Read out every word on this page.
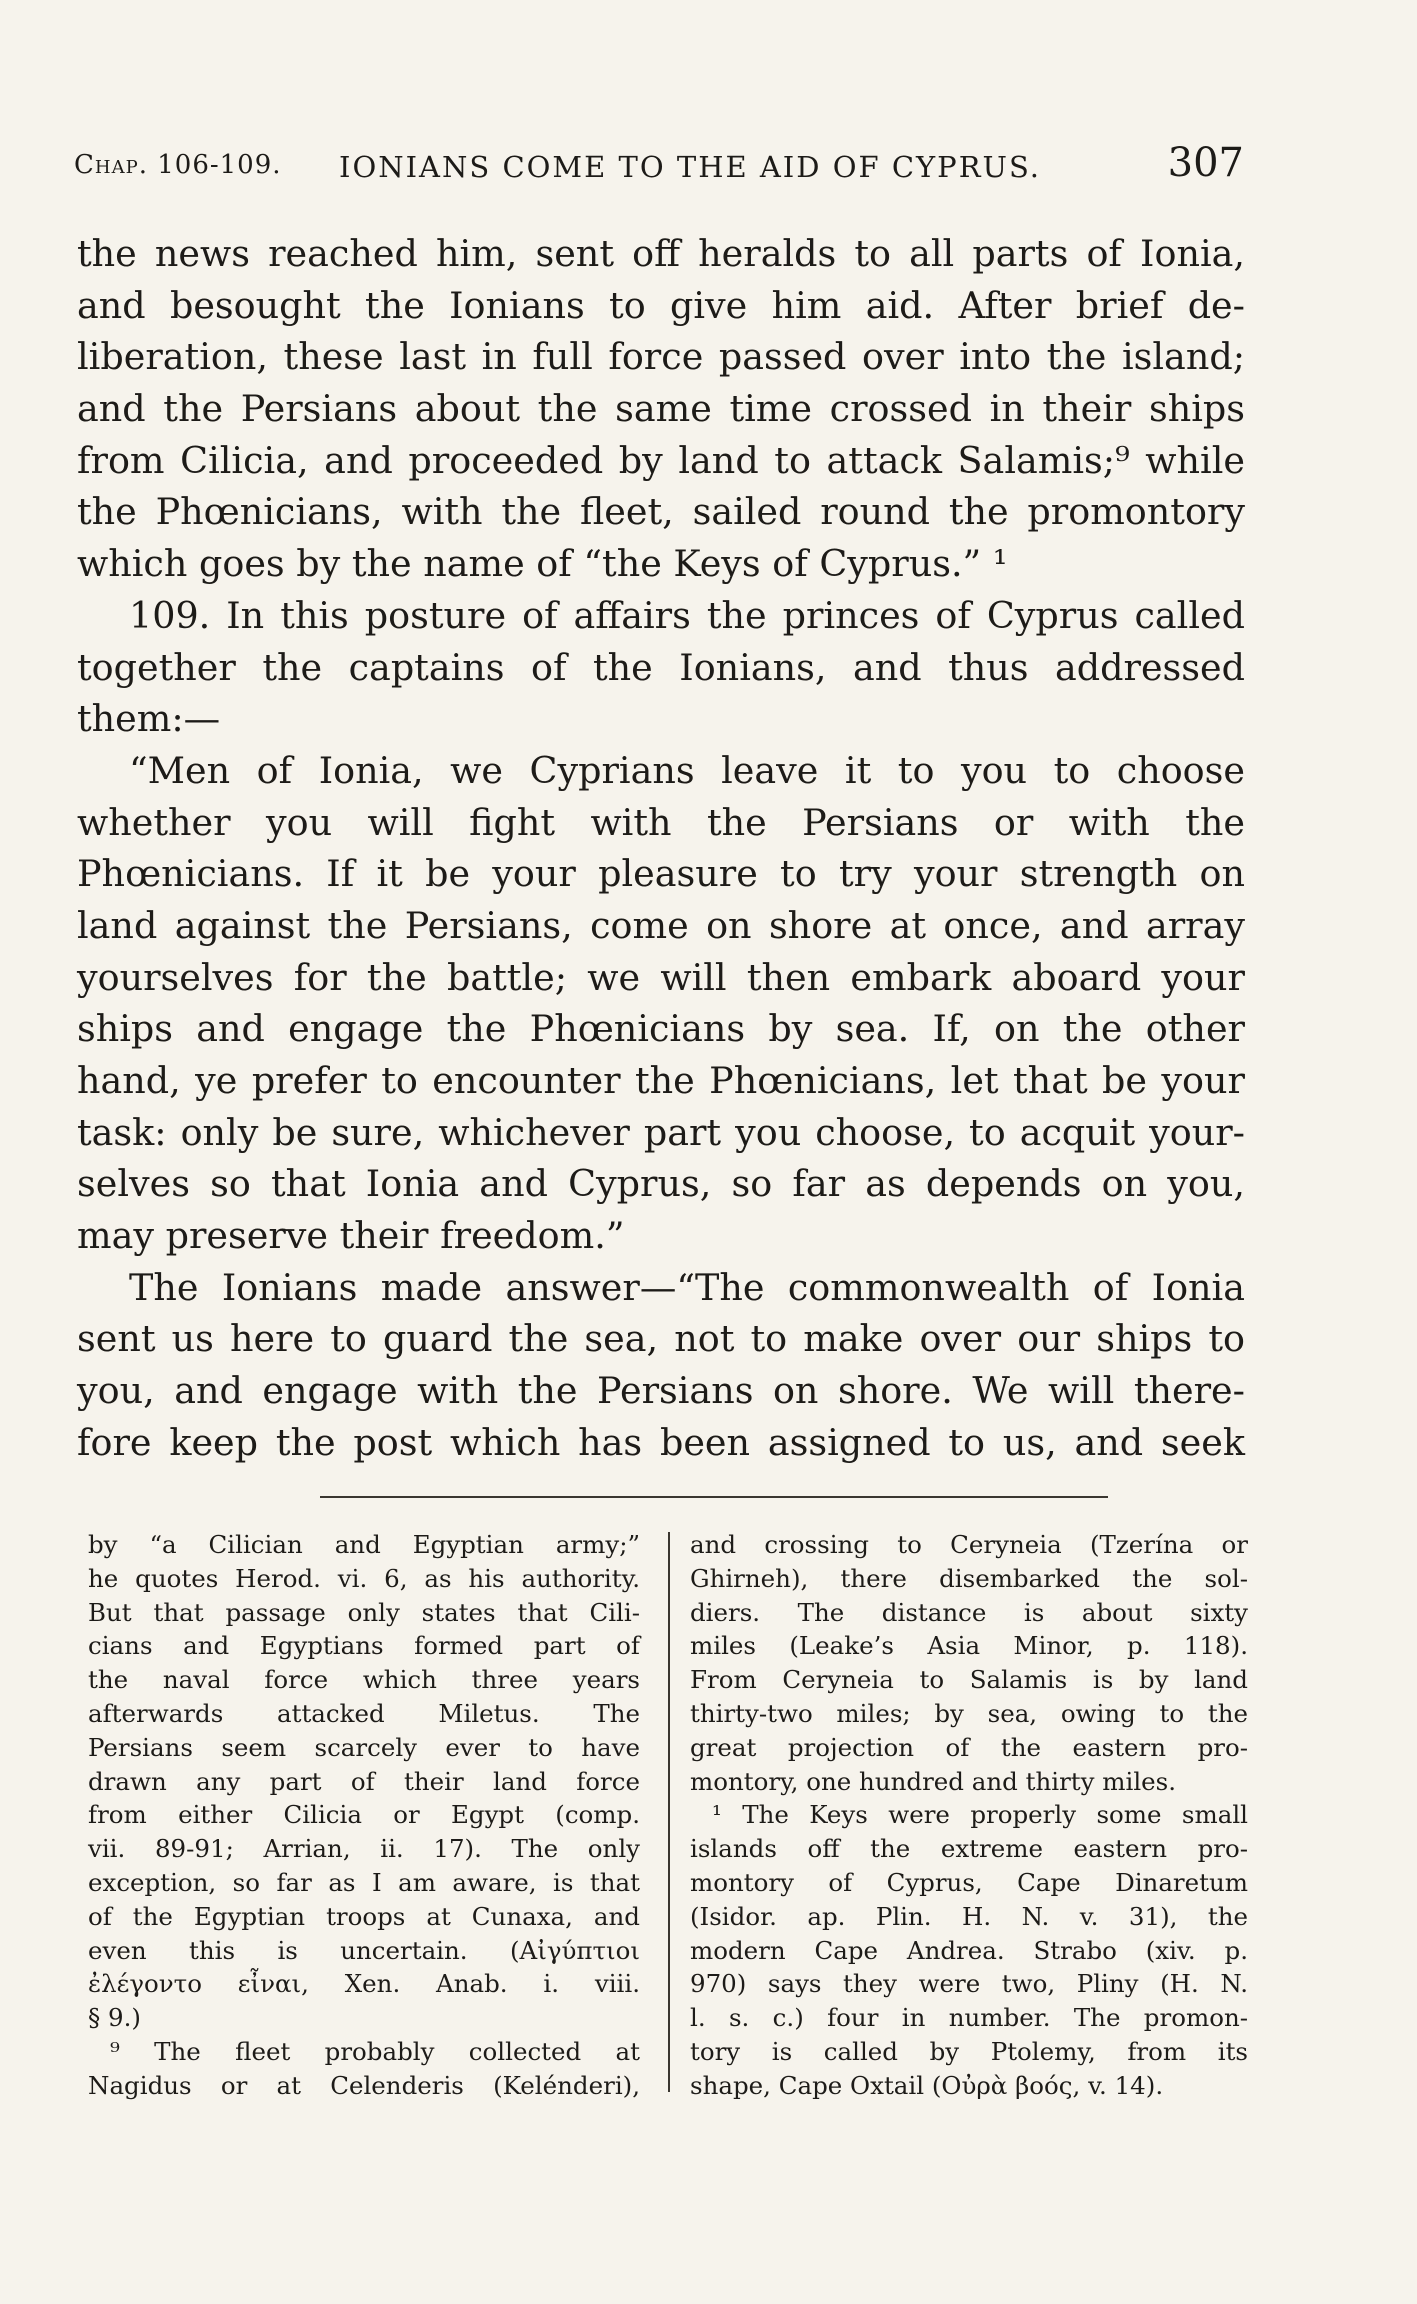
Chap. 106-109. IONIANS COME TO THE AID OF CYPRUS.	307
the news reached him, sent off heralds to all parts of Ionia,
and besought the Ionians to give him aid. After brief de-
liberation, these last in full force passed over into the island;
and the Persians about the same time crossed in their ships
from Cilicia, and proceeded by land to attack Salamis;⁹ while
the Phœnicians, with the fleet, sailed round the promontory
which goes by the name of “the Keys of Cyprus.” ¹
109. In this posture of affairs the princes of Cyprus called
together the captains of the Ionians, and thus addressed
them:—
“Men of Ionia, we Cyprians leave it to you to choose
whether you will fight with the Persians or with the
Phœnicians. If it be your pleasure to try your strength on
land against the Persians, come on shore at once, and array
yourselves for the battle; we will then embark aboard your
ships and engage the Phœnicians by sea. If, on the other
hand, ye prefer to encounter the Phœnicians, let that be your
task: only be sure, whichever part you choose, to acquit your-
selves so that Ionia and Cyprus, so far as depends on you,
may preserve their freedom.”
The Ionians made answer—“The commonwealth of Ionia
sent us here to guard the sea, not to make over our ships to
you, and engage with the Persians on shore. We will there-
fore keep the post which has been assigned to us, and seek
by “a Cilician and Egyptian army;”
he quotes Herod. vi. 6, as his authority.
But that passage only states that Cili-
cians and Egyptians formed part of
the naval force which three years
afterwards attacked Miletus. The
Persians seem scarcely ever to have
drawn any part of their land force
from either Cilicia or Egypt (comp.
vii. 89-91; Arrian, ii. 17). The only
exception, so far as I am aware, is that
of the Egyptian troops at Cunaxa, and
even this is uncertain. (Αἰγύπτιοι
ἐλέγοντο εἶναι, Xen. Anab. i. viii.
§ 9.)
⁹ The fleet probably collected at
Nagidus or at Celenderis (Kelénderi),
and crossing to Ceryneia (Tzerína or
Ghirneh), there disembarked the sol-
diers. The distance is about sixty
miles (Leake’s Asia Minor, p. 118).
From Ceryneia to Salamis is by land
thirty-two miles; by sea, owing to the
great projection of the eastern pro-
montory, one hundred and thirty miles.
¹ The Keys were properly some small
islands off the extreme eastern pro-
montory of Cyprus, Cape Dinaretum
(Isidor. ap. Plin. H. N. v. 31), the
modern Cape Andrea. Strabo (xiv. p.
970) says they were two, Pliny (H. N.
l. s. c.) four in number. The promon-
tory is called by Ptolemy, from its
shape, Cape Oxtail (Οὐρὰ βοός, v. 14).
